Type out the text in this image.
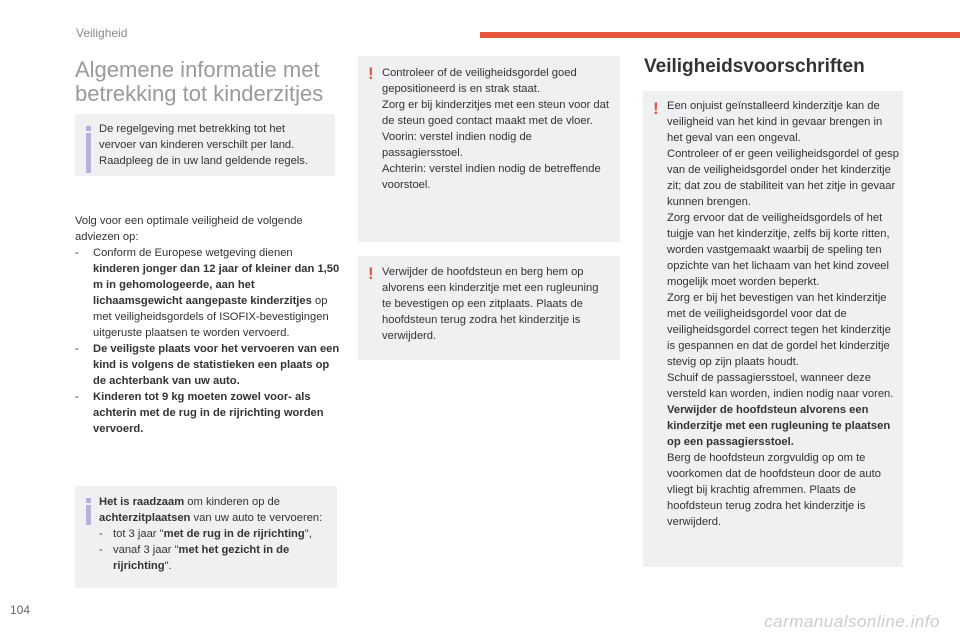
Veiligheid
Algemene informatie met betrekking tot kinderzitjes
De regelgeving met betrekking tot het vervoer van kinderen verschilt per land. Raadpleeg de in uw land geldende regels.

Volg voor een optimale veiligheid de volgende adviezen op:

- Conform de Europese wetgeving dienen kinderen jonger dan 12 jaar of kleiner dan 1,50 m in gehomologeerde, aan het lichaamsgewicht aangepaste kinderzitjes op met veiligheidsgordels of ISOFIX-bevestigingen uitgeruste plaatsen te worden vervoerd.
- De veiligste plaats voor het vervoeren van een kind is volgens de statistieken een plaats op de achterbank van uw auto.
- Kinderen tot 9 kg moeten zowel voor- als achterin met de rug in de rijrichting worden vervoerd.

Het is raadzaam om kinderen op de achterzitplaatsen van uw auto te vervoeren:

- tot 3 jaar "met de rug in de rijrichting",
- vanaf 3 jaar "met het gezicht in de rijrichting".
! Controleer of de veiligheidsgordel goed gepositioneerd is en strak staat.

Zorg er bij kinderzitjes met een steun voor dat de steun goed contact maakt met de vloer.

Voorin: verstel indien nodig de passagiersstoel.

Achterin: verstel indien nodig de betreffende voorstoel.

! Verwijder de hoofdsteun en berg hem op alvorens een kinderzitje met een rugleuning te bevestigen op een zitplaats. Plaats de hoofdsteun terug zodra het kinderzitje is verwijderd.
Veiligheidsvoorschriften
! Een onjuist geïnstalleerd kinderzitje kan de veiligheid van het kind in gevaar brengen in het geval van een ongeval.

Controleer of er geen veiligheidsgordel of gesp van de veiligheidsgordel onder het kinderzitje zit; dat zou de stabiliteit van het zitje in gevaar kunnen brengen.

Zorg ervoor dat de veiligheidsgordels of het tuigje van het kinderzitje, zelfs bij korte ritten, worden vastgemaakt waarbij de speling ten opzichte van het lichaam van het kind zoveel mogelijk moet worden beperkt.

Zorg er bij het bevestigen van het kinderzitje met de veiligheidsgordel voor dat de veiligheidsgordel correct tegen het kinderzitje is gespannen en dat de gordel het kinderzitje stevig op zijn plaats houdt.

Schuif de passagiersstoel, wanneer deze versteld kan worden, indien nodig naar voren.

Verwijder de hoofdsteun alvorens een kinderzitje met een rugleuning te plaatsen op een passagiersstoel.

Berg de hoofdsteun zorgvuldig op om te voorkomen dat de hoofdsteun door de auto vliegt bij krachtig afremmen. Plaats de hoofdsteun terug zodra het kinderzitje is verwijderd.

104
carmanualsonline.info
